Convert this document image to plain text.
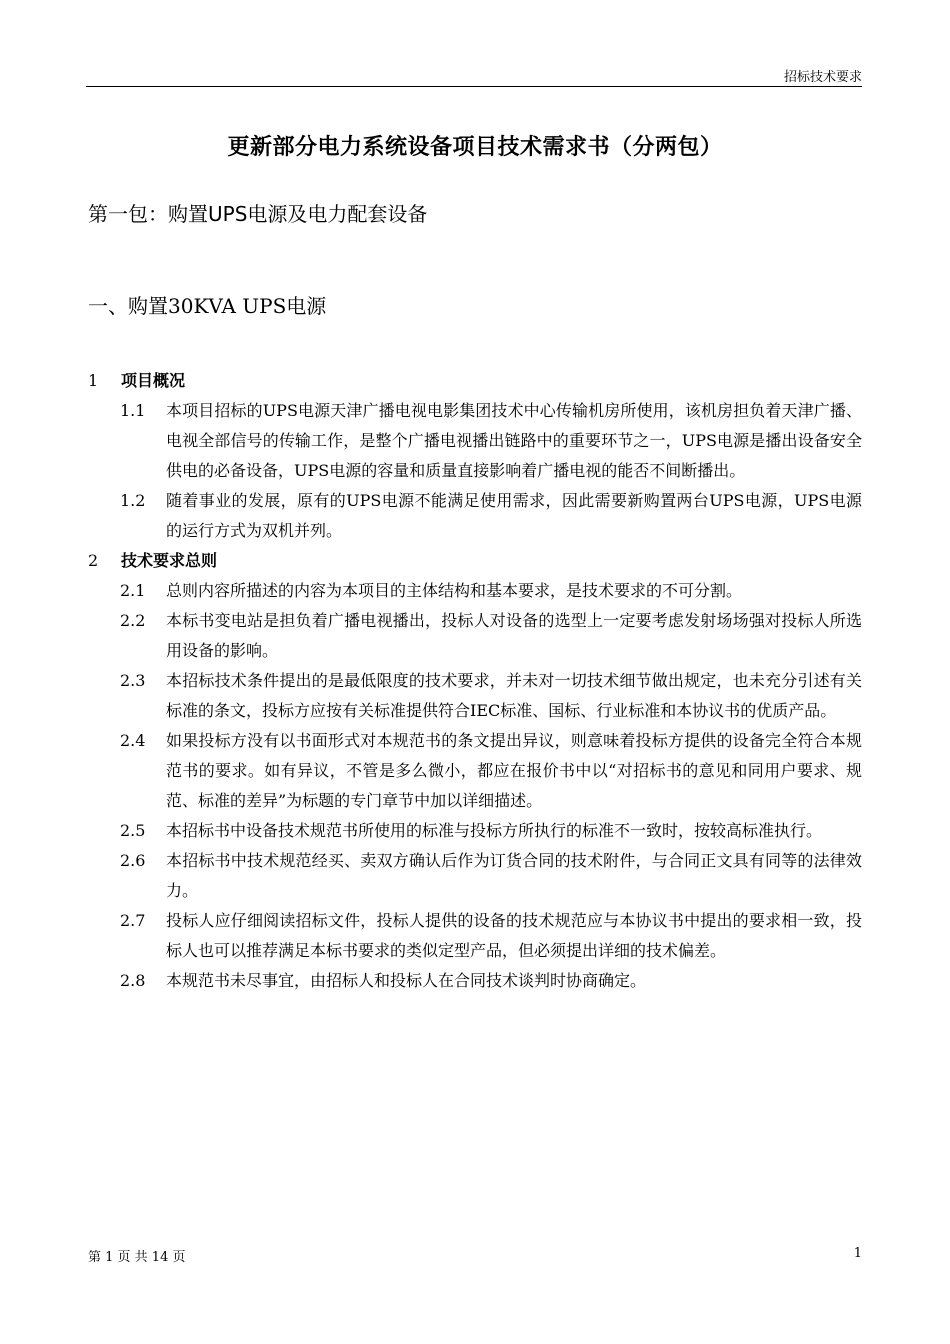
招标技术要求
更新部分电力系统设备项目技术需求书（分两包）
第一包：购置UPS电源及电力配套设备
一、购置30KVA UPS电源
1	项目概况
1.1	本项目招标的UPS电源天津广播电视电影集团技术中心传输机房所使用，该机房担负着天津广播、电视全部信号的传输工作，是整个广播电视播出链路中的重要环节之一，UPS电源是播出设备安全供电的必备设备，UPS电源的容量和质量直接影响着广播电视的能否不间断播出。
1.2	随着事业的发展，原有的UPS电源不能满足使用需求，因此需要新购置两台UPS电源，UPS电源的运行方式为双机并列。
2	技术要求总则
2.1	总则内容所描述的内容为本项目的主体结构和基本要求，是技术要求的不可分割。
2.2	本标书变电站是担负着广播电视播出，投标人对设备的选型上一定要考虑发射场场强对投标人所选用设备的影响。
2.3	本招标技术条件提出的是最低限度的技术要求，并未对一切技术细节做出规定，也未充分引述有关标准的条文，投标方应按有关标准提供符合IEC标准、国标、行业标准和本协议书的优质产品。
2.4	如果投标方没有以书面形式对本规范书的条文提出异议，则意味着投标方提供的设备完全符合本规范书的要求。如有异议，不管是多么微小，都应在报价书中以“对招标书的意见和同用户要求、规范、标准的差异”为标题的专门章节中加以详细描述。
2.5	本招标书中设备技术规范书所使用的标准与投标方所执行的标准不一致时，按较高标准执行。
2.6	本招标书中技术规范经买、卖双方确认后作为订货合同的技术附件，与合同正文具有同等的法律效力。
2.7	投标人应仔细阅读招标文件，投标人提供的设备的技术规范应与本协议书中提出的要求相一致，投标人也可以推荐满足本标书要求的类似定型产品，但必须提出详细的技术偏差。
2.8	本规范书未尽事宜，由招标人和投标人在合同技术谈判时协商确定。
第 1 页 共 14 页	1
